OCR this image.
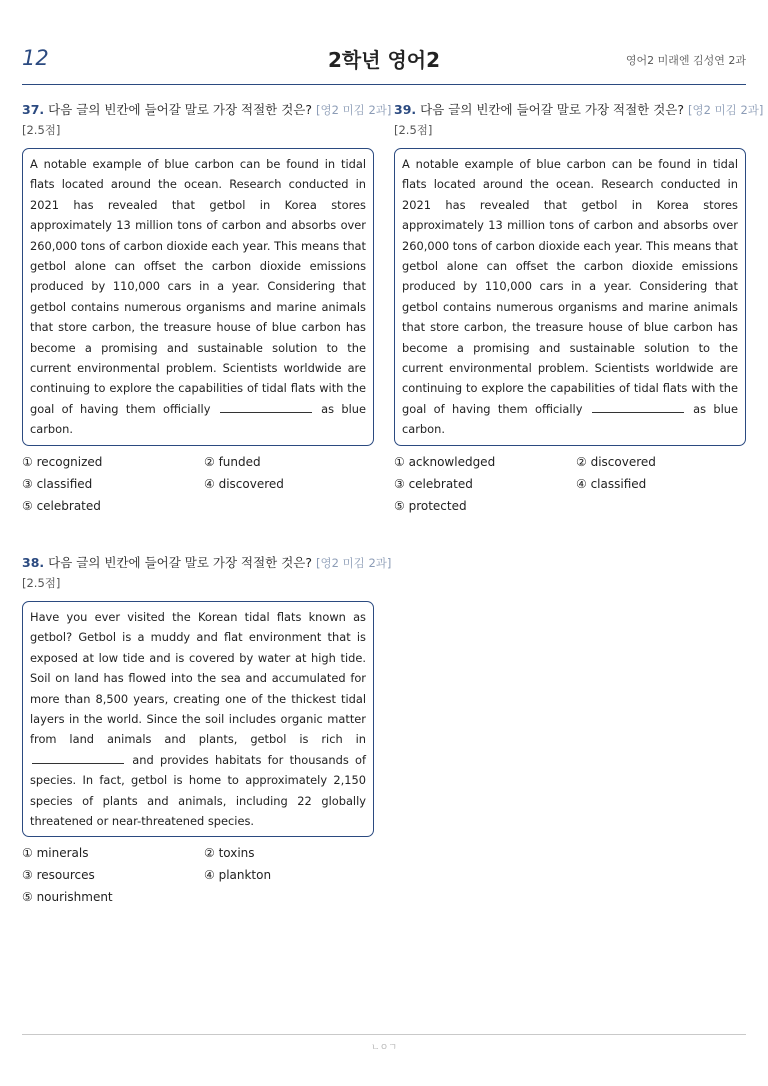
12	2학년 영어2	영어2 미래엔 김성연 2과
37. 다음 글의 빈칸에 들어갈 말로 가장 적절한 것은? [영2 미김 2과]
[2.5점]
A notable example of blue carbon can be found in tidal flats located around the ocean. Research conducted in 2021 has revealed that getbol in Korea stores approximately 13 million tons of carbon and absorbs over 260,000 tons of carbon dioxide each year. This means that getbol alone can offset the carbon dioxide emissions produced by 110,000 cars in a year. Considering that getbol contains numerous organisms and marine animals that store carbon, the treasure house of blue carbon has become a promising and sustainable solution to the current environmental problem. Scientists worldwide are continuing to explore the capabilities of tidal flats with the goal of having them officially	as blue carbon.
① recognized	② funded
③ classified	④ discovered
⑤ celebrated
39. 다음 글의 빈칸에 들어갈 말로 가장 적절한 것은? [영2 미김 2과]
[2.5점]
A notable example of blue carbon can be found in tidal flats located around the ocean. Research conducted in 2021 has revealed that getbol in Korea stores approximately 13 million tons of carbon and absorbs over 260,000 tons of carbon dioxide each year. This means that getbol alone can offset the carbon dioxide emissions produced by 110,000 cars in a year. Considering that getbol contains numerous organisms and marine animals that store carbon, the treasure house of blue carbon has become a promising and sustainable solution to the current environmental problem. Scientists worldwide are continuing to explore the capabilities of tidal flats with the goal of having them officially	as blue carbon.
① acknowledged	② discovered
③ celebrated	④ classified
⑤ protected
38. 다음 글의 빈칸에 들어갈 말로 가장 적절한 것은? [영2 미김 2과]
[2.5점]
Have you ever visited the Korean tidal flats known as getbol? Getbol is a muddy and flat environment that is exposed at low tide and is covered by water at high tide. Soil on land has flowed into the sea and accumulated for more than 8,500 years, creating one of the thickest tidal layers in the world. Since the soil includes organic matter from land animals and plants, getbol is rich in  and provides habitats for thousands of species. In fact, getbol is home to approximately 2,150 species of plants and animals, including 22 globally threatened or near-threatened species.
① minerals	② toxins
③ resources	④ plankton
⑤ nourishment
ㄴㅇㄱ
